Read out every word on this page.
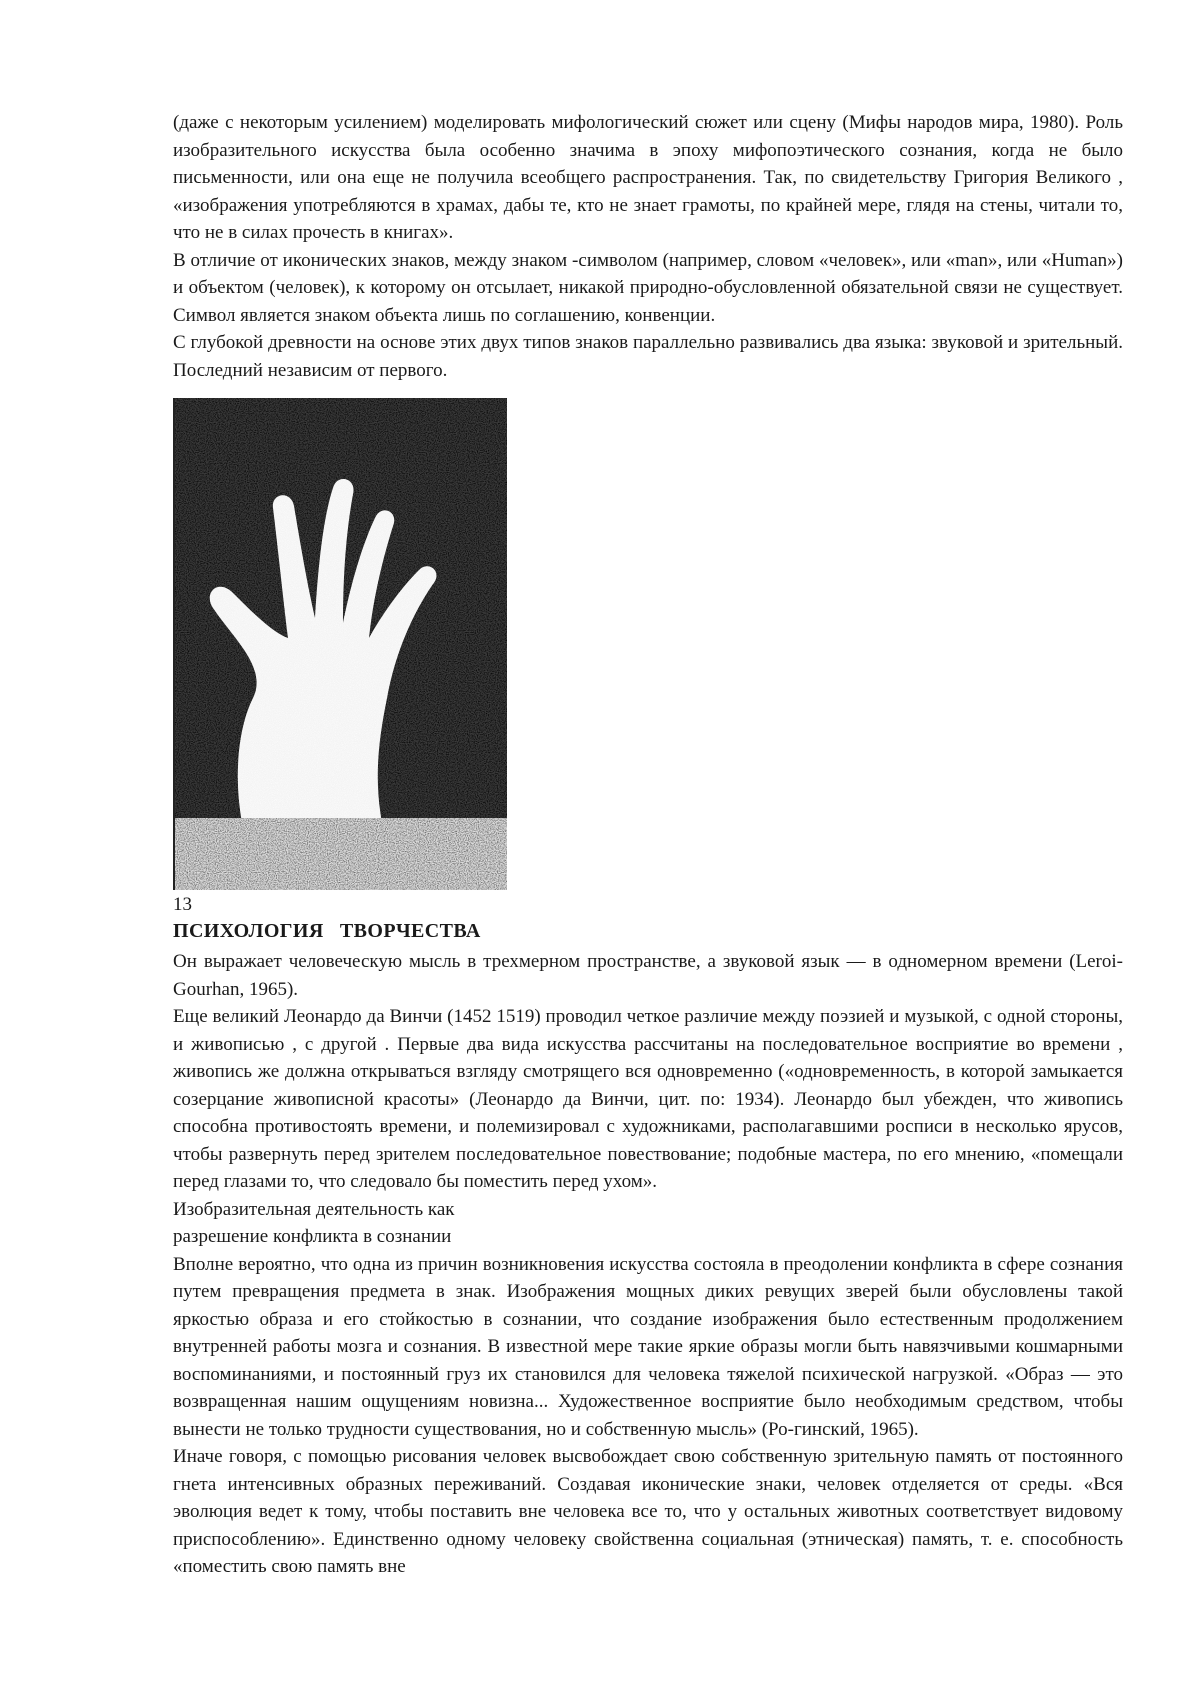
(даже с некоторым усилением) моделировать мифологический сюжет или сцену (Мифы народов мира, 1980). Роль изобразительного искусства была особенно значима в эпоху мифопоэтического сознания, когда не было письменности, или она еще не получила всеобщего распространения. Так, по свидетельству Григория Великого , «изображения употребляются в храмах, дабы те, кто не знает грамоты, по крайней мере, глядя на стены, читали то, что не в силах прочесть в книгах».

В отличие от иконических знаков, между знаком -символом (например, словом «человек», или «man», или «Human») и объектом (человек), к которому он отсылает, никакой природно-обусловленной обязательной связи не существует. Символ является знаком объекта лишь по соглашению, конвенции.

С глубокой древности на основе этих двух типов знаков параллельно развивались два языка: звуковой и зрительный. Последний независим от первого.

13
ПСИХОЛОГИЯ   ТВОРЧЕСТВА

Он выражает человеческую мысль в трехмерном пространстве, а звуковой язык — в одномерном времени (Leroi-Gourhan, 1965).

Еще великий Леонардо да Винчи (1452 1519) проводил четкое различие между поэзией и музыкой, с одной стороны, и живописью , с другой . Первые два вида искусства рассчитаны на последовательное восприятие во времени , живопись же должна открываться взгляду смотрящего вся одновременно («одновременность, в которой замыкается созерцание живописной красоты» (Леонардо да Винчи, цит. по: 1934). Леонардо был убежден, что живопись способна противостоять времени, и полемизировал с художниками, располагавшими росписи в несколько ярусов, чтобы развернуть перед зрителем последовательное повествование; подобные мастера, по его мнению, «помещали перед глазами то, что следовало бы поместить перед ухом».

Изобразительная деятельность как

разрешение конфликта в сознании

Вполне вероятно, что одна из причин возникновения искусства состояла в преодолении конфликта в сфере сознания путем превращения предмета в знак. Изображения мощных диких ревущих зверей были обусловлены такой яркостью образа и его стойкостью в сознании, что создание изображения было естественным продолжением внутренней работы мозга и сознания. В известной мере такие яркие образы могли быть навязчивыми кошмарными воспоминаниями, и постоянный груз их становился для человека тяжелой психической нагрузкой. «Образ — это возвращенная нашим ощущениям новизна... Художественное восприятие было необходимым средством, чтобы вынести не только трудности существования, но и собственную мысль» (Ро-гинский, 1965).

Иначе говоря, с помощью рисования человек высвобождает свою собственную зрительную память от постоянного гнета интенсивных образных переживаний. Создавая иконические знаки, человек отделяется от среды. «Вся эволюция ведет к тому, чтобы поставить вне человека все то, что у остальных животных соответствует видовому приспособлению». Единственно одному человеку свойственна социальная (этническая) память, т. е. способность «поместить свою память вне
